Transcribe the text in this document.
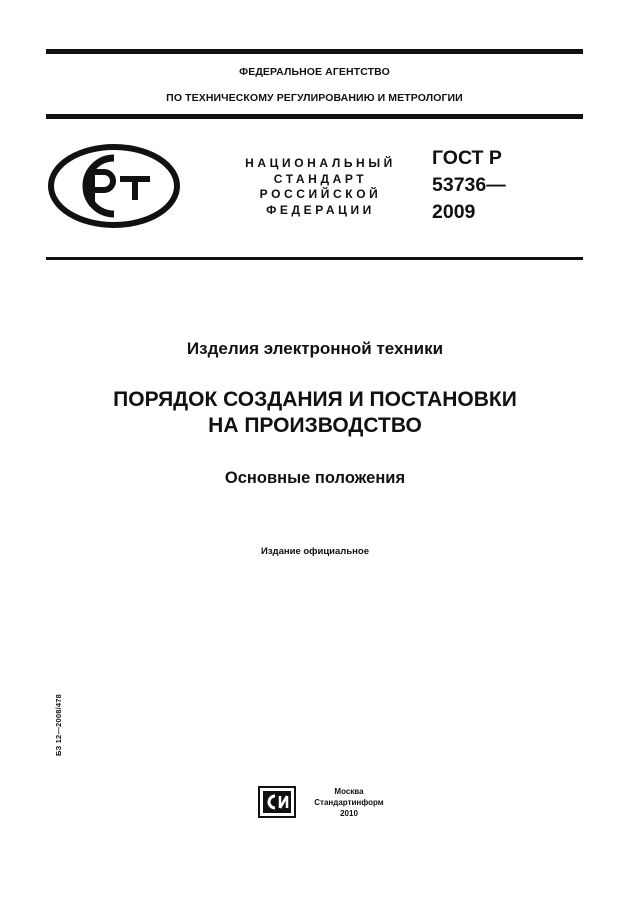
ФЕДЕРАЛЬНОЕ АГЕНТСТВО
ПО ТЕХНИЧЕСКОМУ РЕГУЛИРОВАНИЮ И МЕТРОЛОГИИ
НАЦИОНАЛЬНЫЙ
СТАНДАРТ
РОССИЙСКОЙ
ФЕДЕРАЦИИ
ГОСТ Р
53736—
2009
Изделия электронной техники
ПОРЯДОК СОЗДАНИЯ И ПОСТАНОВКИ
НА ПРОИЗВОДСТВО
Основные положения
Издание официальное
БЗ 12—2008/478
Москва
Стандартинформ
2010
